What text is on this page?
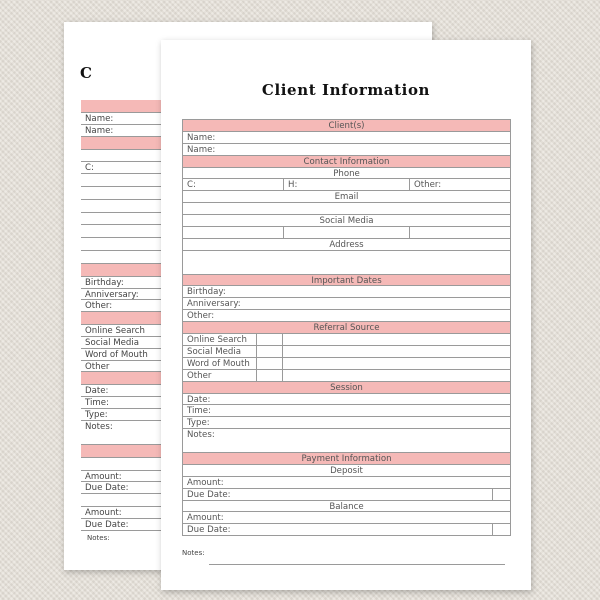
C
Name:
Name:
C:
Birthday:
Anniversary:
Other:
Online Search
Social Media
Word of Mouth
Other
Date:
Time:
Type:
Notes:
Amount:
Due Date:
Amount:
Due Date:
Notes:
Client Information
Client(s)
Name:
Name:
Contact Information
Phone
C:	H:	Other:
Email
Social Media
Address
Important Dates
Birthday:
Anniversary:
Other:
Referral Source
Online Search
Social Media
Word of Mouth
Other
Session
Date:
Time:
Type:
Notes:
Payment Information
Deposit
Amount:
Due Date:
Balance
Amount:
Due Date:
Notes:
